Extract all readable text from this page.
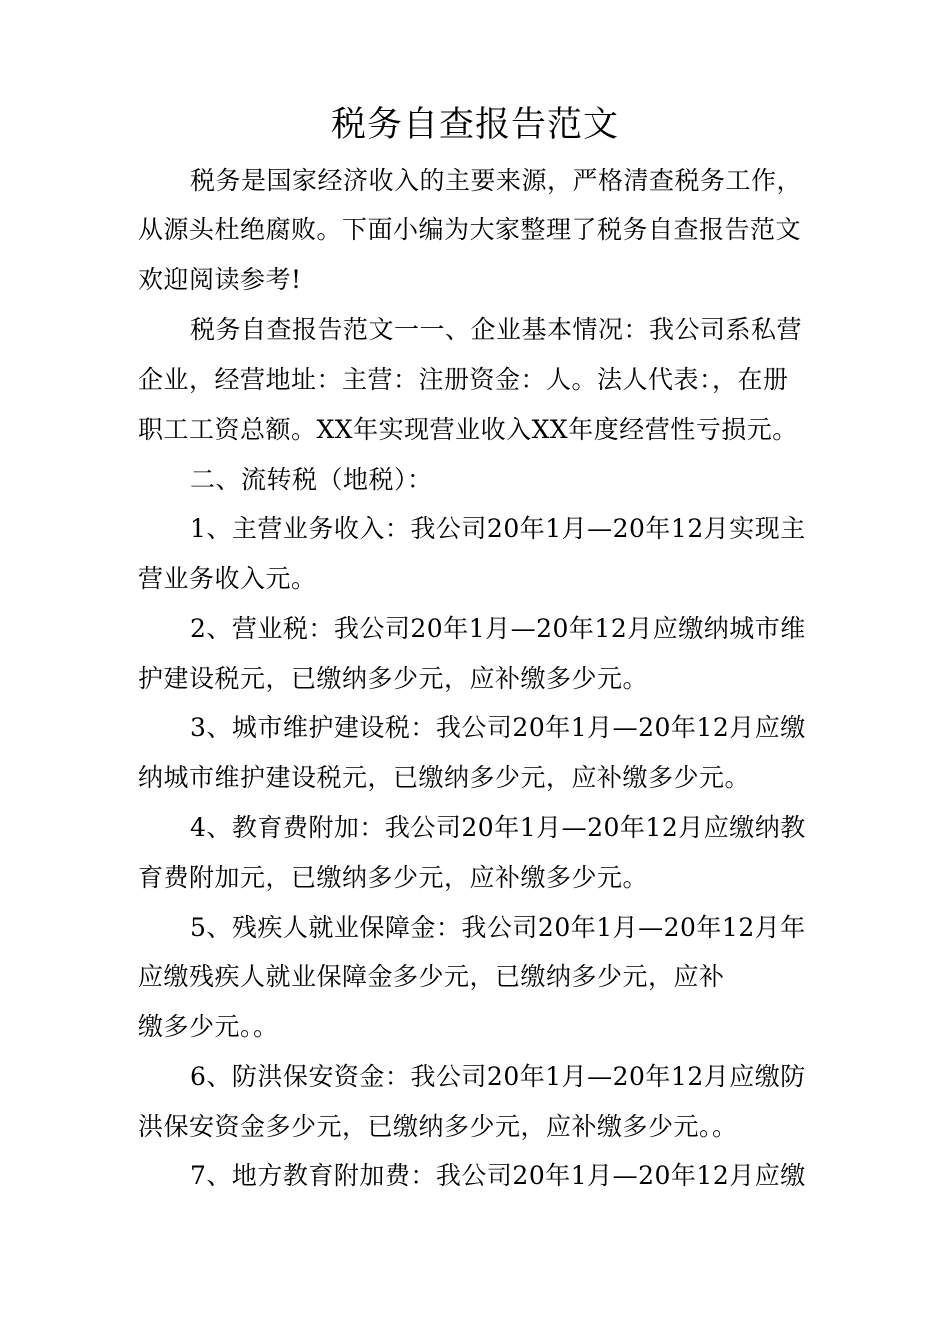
税务自查报告范文
税务是国家经济收入的主要来源，严格清查税务工作，
从源头杜绝腐败。下面小编为大家整理了税务自查报告范文
欢迎阅读参考!
税务自查报告范文一一、企业基本情况：我公司系私营
企业，经营地址：主营：注册资金：人。法人代表：，在册
职工工资总额。XX年实现营业收入XX年度经营性亏损元。
二、流转税（地税）：
1、主营业务收入：我公司20年1月—20年12月实现主
营业务收入元。
2、营业税：我公司20年1月—20年12月应缴纳城市维
护建设税元，已缴纳多少元，应补缴多少元。
3、城市维护建设税：我公司20年1月—20年12月应缴
纳城市维护建设税元，已缴纳多少元，应补缴多少元。
4、教育费附加：我公司20年1月—20年12月应缴纳教
育费附加元，已缴纳多少元，应补缴多少元。
5、残疾人就业保障金：我公司20年1月—20年12月年
应缴残疾人就业保障金多少元，已缴纳多少元，应补
缴多少元。。
6、防洪保安资金：我公司20年1月—20年12月应缴防
洪保安资金多少元，已缴纳多少元，应补缴多少元。。
7、地方教育附加费：我公司20年1月—20年12月应缴
